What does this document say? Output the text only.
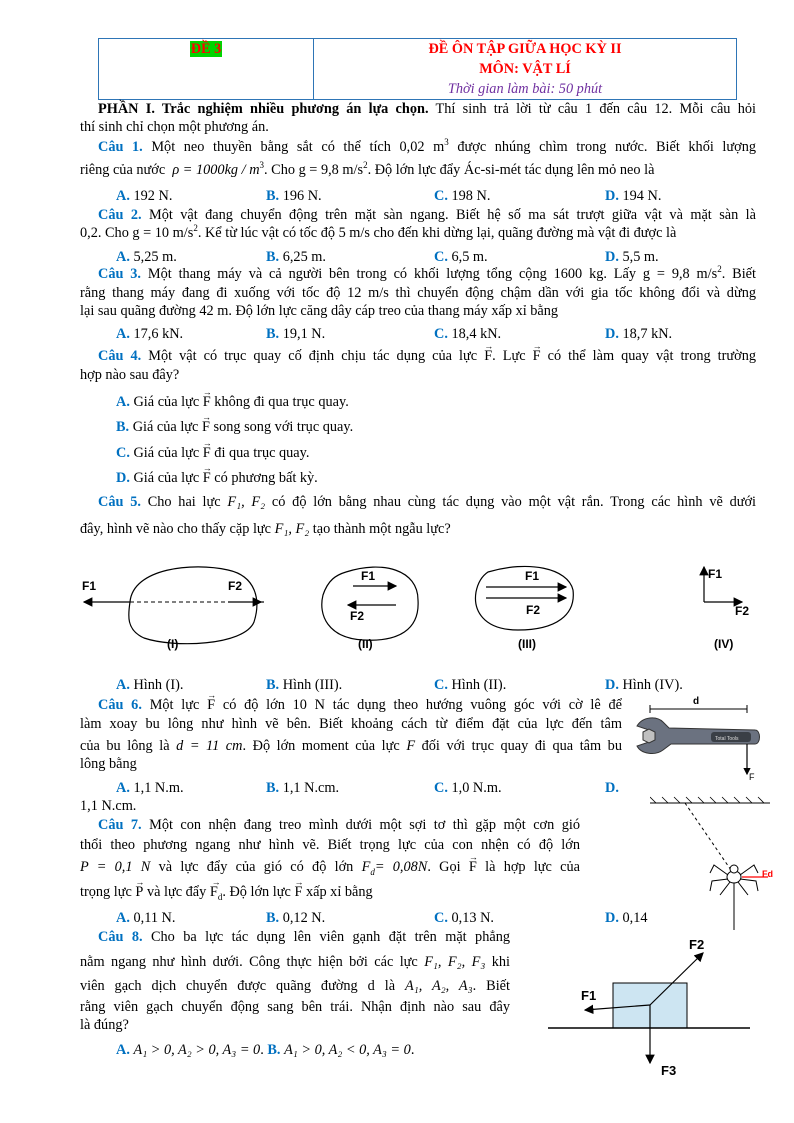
ĐỀ 3	ĐỀ ÔN TẬP GIỮA HỌC KỲ II
MÔN: VẬT LÍ
Thời gian làm bài: 50 phút
PHẦN I. Trắc nghiệm nhiều phương án lựa chọn. Thí sinh trả lời từ câu 1 đến câu 12. Mỗi câu hỏi
thí sinh chỉ chọn một phương án.
Câu 1. Một neo thuyền bằng sắt có thể tích 0,02 $m^3$ được nhúng chìm trong nước. Biết khối lượng
riêng của nước $\rho = 1000kg / m^3$. Cho g = 9,8 $m/s^2$. Độ lớn lực đẩy Ác-si-mét tác dụng lên mỏ neo là
A. 192 N.	B. 196 N.	C. 198 N.	D. 194 N.
Câu 2. Một vật đang chuyển động trên mặt sàn ngang. Biết hệ số ma sát trượt giữa vật và mặt sàn là
0,2. Cho g = 10 $m/s^2$. Kể từ lúc vật có tốc độ 5 m/s cho đến khi dừng lại, quãng đường mà vật đi được là
A. 5,25 m.	B. 6,25 m.	C. 6,5 m.	D. 5,5 m.
Câu 3. Một thang máy và cả người bên trong có khối lượng tổng cộng 1600 kg. Lấy g = 9,8 $m/s^2$. Biết
rằng thang máy đang đi xuống với tốc độ 12 m/s thì chuyển động chậm dần với gia tốc không đổi và dừng
lại sau quãng đường 42 m. Độ lớn lực căng dây cáp treo của thang máy xấp xỉ bằng
A. 17,6 kN.	B. 19,1 N.	C. 18,4 kN.	D. 18,7 kN.
Câu 4. Một vật có trục quay cố định chịu tác dụng của lực → F. Lực → F có thể làm quay vật trong trường
hợp nào sau đây?
A. Giá của lực → F không đi qua trục quay.
B. Giá của lực → F song song với trục quay.
C. Giá của lực → F đi qua trục quay.
D. Giá của lực → F có phương bất kỳ.
Câu 5. Cho hai lực F₁, F₂ có độ lớn bằng nhau cùng tác dụng vào một vật rắn. Trong các hình vẽ dưới
đây, hình vẽ nào cho thấy cặp lực F₁, F₂ tạo thành một ngẫu lực?
F1	F2
(I)
F1
F2
(II)
F1
F2
(III)
F1
F2
(IV)
A. Hình (I).	B. Hình (III).	C. Hình (II).	D. Hình (IV).
Câu 6. Một lực → F có độ lớn 10 N tác dụng theo hướng vuông góc với cờ lê để
làm xoay bu lông như hình vẽ bên. Biết khoảng cách từ điểm đặt của lực đến tâm
của bu lông là d = 11 cm. Độ lớn moment của lực F đối với trục quay đi qua tâm bu
lông bằng
A. 1,1 N.m.	B. 1,1 N.cm.	C. 1,0 N.m.	D.
1,1 N.cm.
d
Total Tools
F
Câu 7. Một con nhện đang treo mình dưới một sợi tơ thì gặp một cơn gió
thổi theo phương ngang như hình vẽ. Biết trọng lực của con nhện có độ lớn
P = 0,1 N và lực đẩy của gió có độ lớn $F_d= 0,08N$. Gọi → F là hợp lực của
trọng lực → P và lực đẩy → $F_d$. Độ lớn lực → F xấp xỉ bằng
A. 0,11 N.	B. 0,12 N.	C. 0,13 N.	D. 0,14
Fd
Câu 8. Cho ba lực tác dụng lên viên gạnh đặt trên mặt phẳng
nằm ngang như hình dưới. Công thực hiện bởi các lực F₁, F₂, F₃ khi
viên gạch dịch chuyển được quãng đường d là A₁, A₂, A₃. Biết
rằng viên gạch chuyển động sang bên trái. Nhận định nào sau đây
là đúng?
A. A₁ > 0, A₂ > 0, A₃ = 0. B. A₁ > 0, A₂ < 0, A₃ = 0.
F1
F2
F3
